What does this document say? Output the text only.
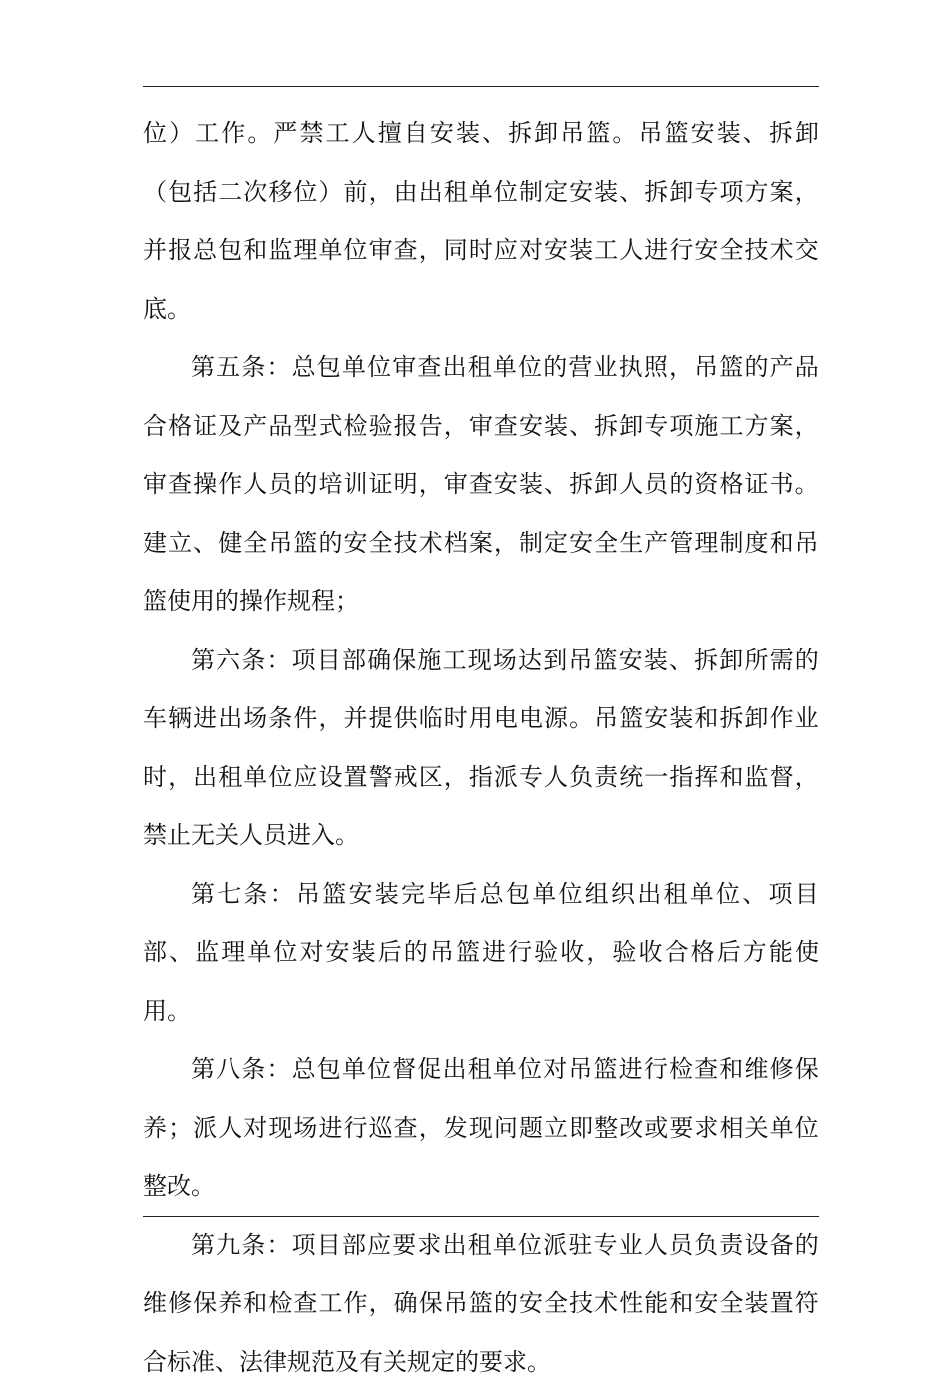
位 ） 工 作 。 严 禁 工 人 擅 自 安 装 、 拆 卸 吊 篮 。 吊 篮 安 装 、 拆 卸
（ 包 括 二 次 移 位 ） 前 ， 由 出 租 单 位 制 定 安 装 、 拆 卸 专 项 方 案 ，
并 报 总 包 和 监 理 单 位 审 查 ， 同 时 应 对 安 装 工 人 进 行 安 全 技 术 交
底。
第 五 条 ： 总 包 单 位 审 查 出 租 单 位 的 营 业 执 照 ， 吊 篮 的 产 品
合 格 证 及 产 品 型 式 检 验 报 告 ， 审 查 安 装 、 拆 卸 专 项 施 工 方 案 ，
审 查 操 作 人 员 的 培 训 证 明 ， 审 查 安 装 、 拆 卸 人 员 的 资 格 证 书 。
建 立 、 健 全 吊 篮 的 安 全 技 术 档 案 ， 制 定 安 全 生 产 管 理 制 度 和 吊
篮使用的操作规程；
第 六 条 ： 项 目 部 确 保 施 工 现 场 达 到 吊 篮 安 装 、 拆 卸 所 需 的
车 辆 进 出 场 条 件 ， 并 提 供 临 时 用 电 电 源 。 吊 篮 安 装 和 拆 卸 作 业
时 ， 出 租 单 位 应 设 置 警 戒 区 ， 指 派 专 人 负 责 统 一 指 挥 和 监 督 ，
禁止无关人员进入。
第 七 条 ： 吊 篮 安 装 完 毕 后 总 包 单 位 组 织 出 租 单 位 、 项 目
部 、 监 理 单 位 对 安 装 后 的 吊 篮 进 行 验 收 ， 验 收 合 格 后 方 能 使
用。
第 八 条 ： 总 包 单 位 督 促 出 租 单 位 对 吊 篮 进 行 检 查 和 维 修 保
养 ； 派 人 对 现 场 进 行 巡 查 ， 发 现 问 题 立 即 整 改 或 要 求 相 关 单 位
整改。
第 九 条 ： 项 目 部 应 要 求 出 租 单 位 派 驻 专 业 人 员 负 责 设 备 的
维 修 保 养 和 检 查 工 作 ， 确 保 吊 篮 的 安 全 技 术 性 能 和 安 全 装 置 符
合标准、法律规范及有关规定的要求。
